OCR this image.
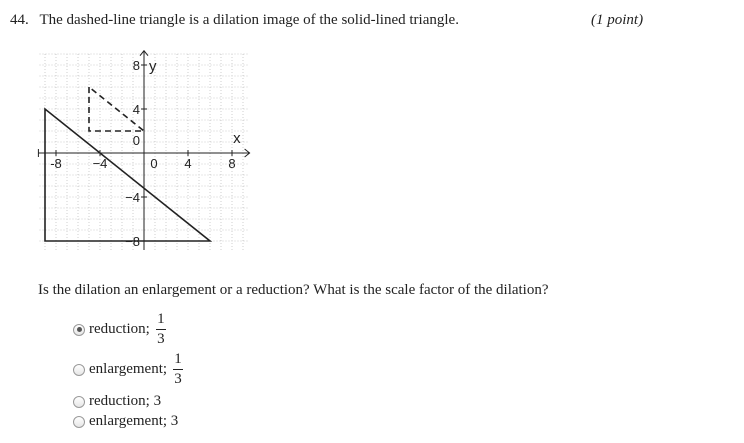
44. The dashed-line triangle is a dilation image of the solid-lined triangle.	(1 point)
-8 −4	0 4	8
8
4
0
−4
−8
x
y
Is the dilation an enlargement or a reduction? What is the scale factor of the dilation?
reduction; $\frac{1}{3}$
enlargement; $\frac{1}{3}$
reduction; 3
enlargement; 3
